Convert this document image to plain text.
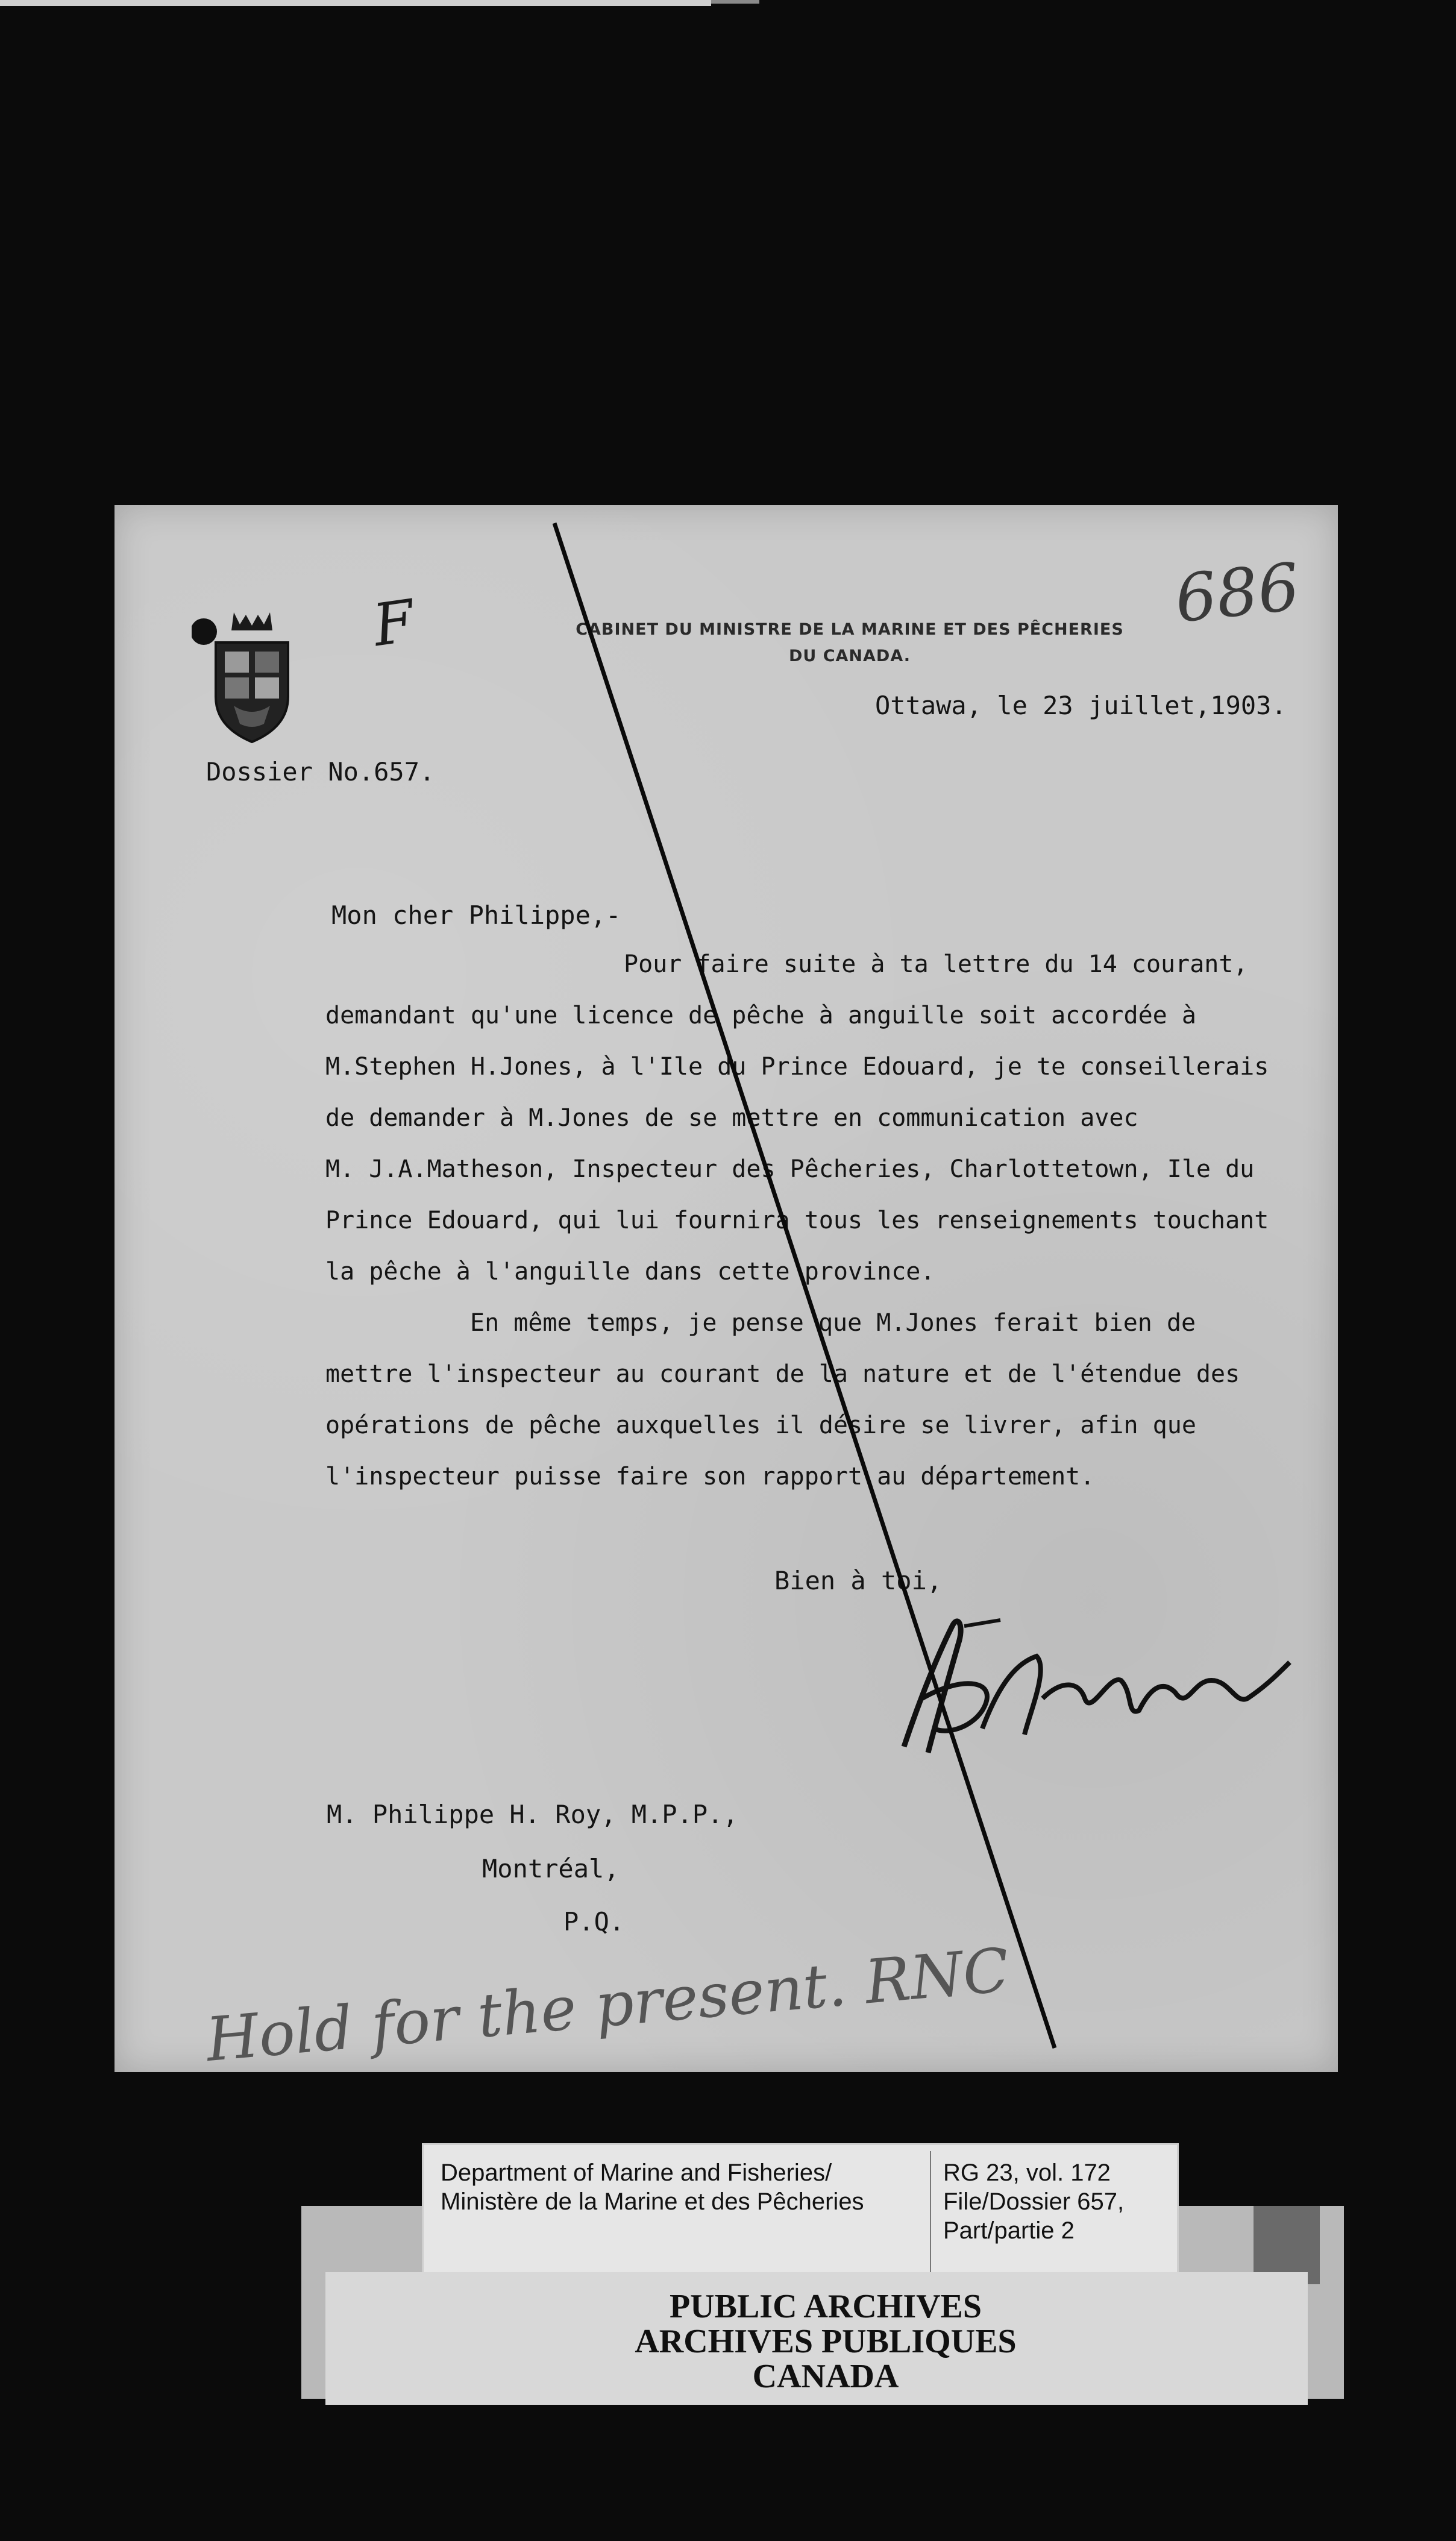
F	686
CABINET DU MINISTRE DE LA MARINE ET DES PÊCHERIES
DU CANADA.
Ottawa, le 23 juillet,1903.
Dossier No.657.
Mon cher Philippe,-
Pour faire suite à ta lettre du 14 courant,
demandant qu'une licence de pêche à anguille soit accordée à
M.Stephen H.Jones, à l'Ile du Prince Edouard, je te conseillerais
de demander à M.Jones de se mettre en communication avec
M. J.A.Matheson, Inspecteur des Pêcheries, Charlottetown, Ile du
Prince Edouard, qui lui fournira tous les renseignements touchant
la pêche à l'anguille dans cette province.
En même temps, je pense que M.Jones ferait bien de
mettre l'inspecteur au courant de la nature et de l'étendue des
opérations de pêche auxquelles il désire se livrer, afin que
l'inspecteur puisse faire son rapport au département.
Bien à toi,
M. Philippe H. Roy, M.P.P.,
Montréal,
P.Q.
Hold for the present. RNC
Department of Marine and Fisheries/
Ministère de la Marine et des Pêcheries
RG 23, vol. 172
File/Dossier 657,
Part/partie 2
PUBLIC ARCHIVES
ARCHIVES PUBLIQUES
CANADA
